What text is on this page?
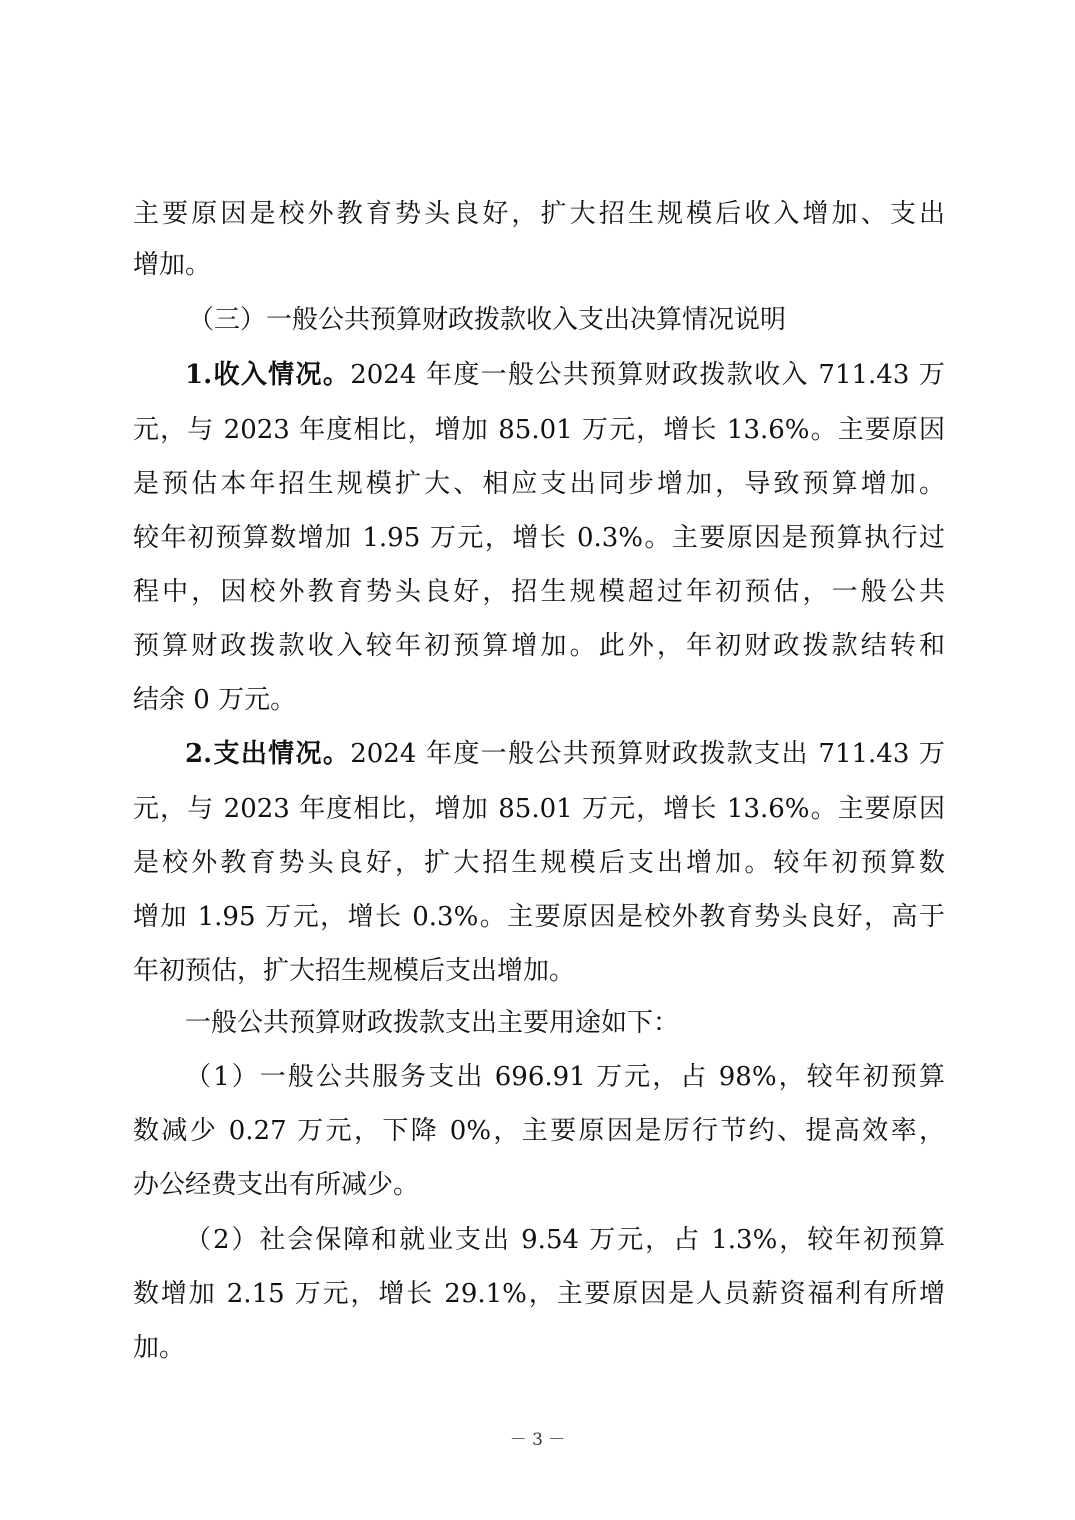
主要原因是校外教育势头良好，扩大招生规模后收入增加、支出
增加。
（三）一般公共预算财政拨款收入支出决算情况说明
1.收入情况。2024 年度一般公共预算财政拨款收入 711.43 万
元，与 2023 年度相比，增加 85.01 万元，增长 13.6%。主要原因
是预估本年招生规模扩大、相应支出同步增加，导致预算增加。
较年初预算数增加 1.95 万元，增长 0.3%。主要原因是预算执行过
程中，因校外教育势头良好，招生规模超过年初预估，一般公共
预算财政拨款收入较年初预算增加。此外，年初财政拨款结转和
结余 0 万元。
2.支出情况。2024 年度一般公共预算财政拨款支出 711.43 万
元，与 2023 年度相比，增加 85.01 万元，增长 13.6%。主要原因
是校外教育势头良好，扩大招生规模后支出增加。较年初预算数
增加 1.95 万元，增长 0.3%。主要原因是校外教育势头良好，高于
年初预估，扩大招生规模后支出增加。
一般公共预算财政拨款支出主要用途如下：
（1）一般公共服务支出 696.91 万元，占 98%，较年初预算
数减少 0.27 万元，下降 0%，主要原因是厉行节约、提高效率，
办公经费支出有所减少。
（2）社会保障和就业支出 9.54 万元，占 1.3%，较年初预算
数增加 2.15 万元，增长 29.1%，主要原因是人员薪资福利有所增
加。
－ 3 －
